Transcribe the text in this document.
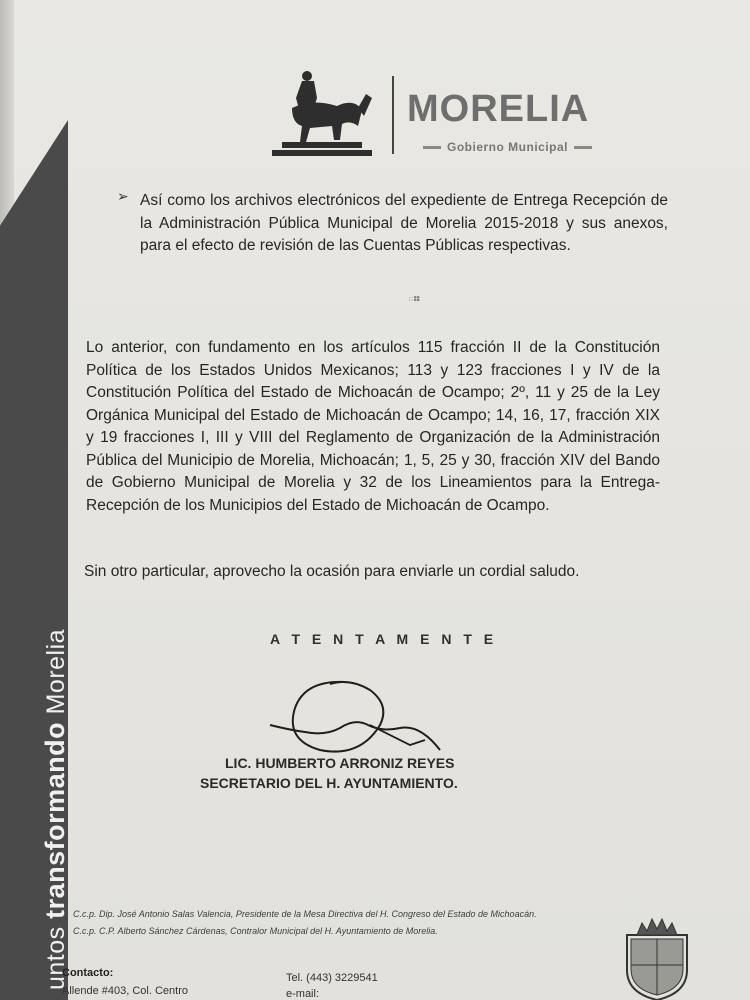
untos transformando Morelia
MORELIA
Gobierno Municipal
➢ Así como los archivos electrónicos del expediente de Entrega Recepción de la Administración Pública Municipal de Morelia 2015-2018 y sus anexos, para el efecto de revisión de las Cuentas Públicas respectivas.
ఃః
Lo anterior, con fundamento en los artículos 115 fracción II de la Constitución Política de los Estados Unidos Mexicanos; 113 y 123 fracciones I y IV de la Constitución Política del Estado de Michoacán de Ocampo; 2º, 11 y 25 de la Ley Orgánica Municipal del Estado de Michoacán de Ocampo; 14, 16, 17, fracción XIX y 19 fracciones I, III y VIII del Reglamento de Organización de la Administración Pública del Municipio de Morelia, Michoacán; 1, 5, 25 y 30, fracción XIV del Bando de Gobierno Municipal de Morelia y 32 de los Lineamientos para la Entrega-Recepción de los Municipios del Estado de Michoacán de Ocampo.
Sin otro particular, aprovecho la ocasión para enviarle un cordial saludo.
A T E N T A M E N T E
LIC. HUMBERTO ARRONIZ REYES
SECRETARIO DEL H. AYUNTAMIENTO.
C.c.p. Dip. José Antonio Salas Valencia, Presidente de la Mesa Directiva del H. Congreso del Estado de Michoacán.
C.c.p. C.P. Alberto Sánchez Cárdenas, Contralor Municipal del H. Ayuntamiento de Morelia.
Contacto:
Allende #403, Col. Centro
Tel. (443) 3229541
e-mail:
